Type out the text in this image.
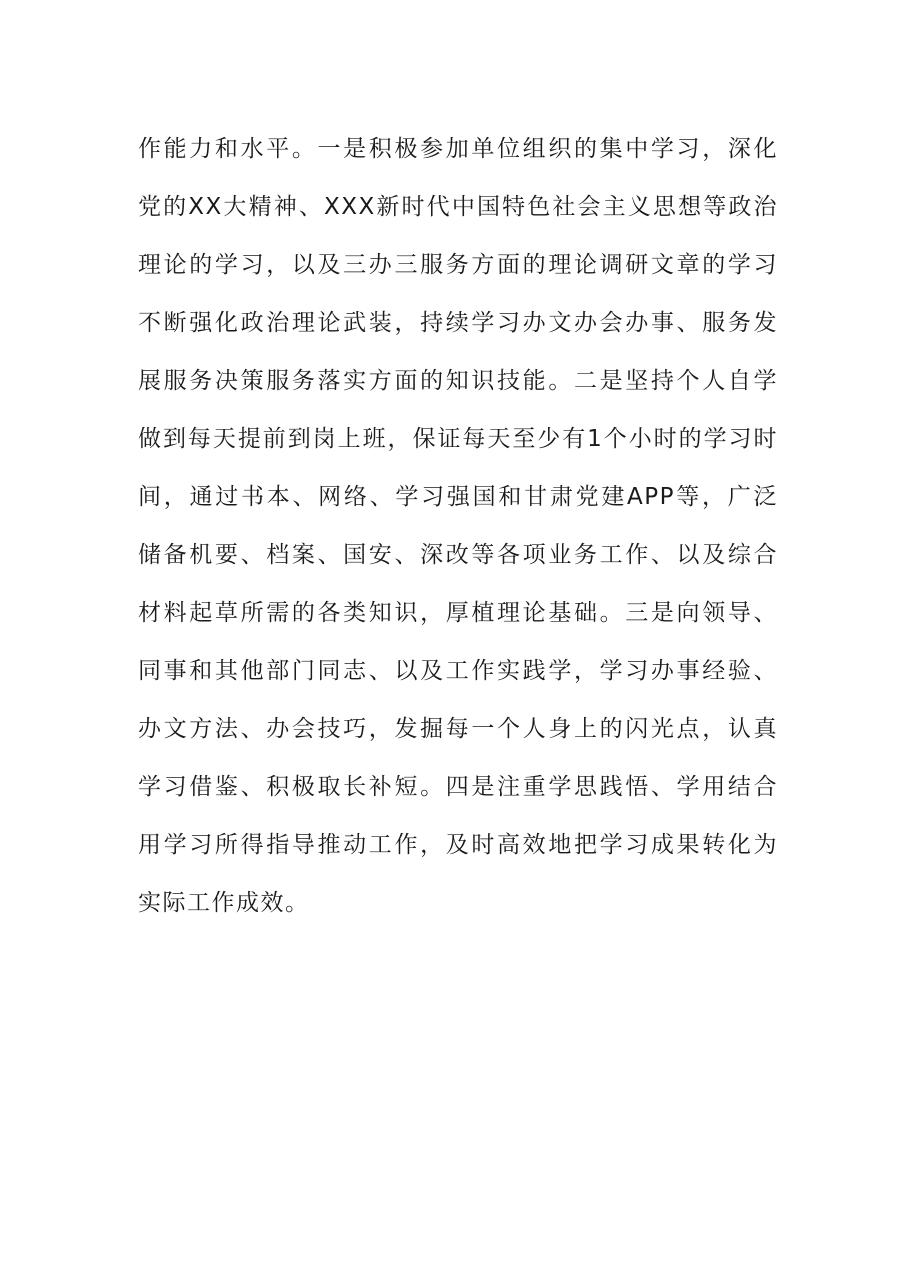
作能力和水平。一是积极参加单位组织的集中学习，深化
党的XX大精神、XXX新时代中国特色社会主义思想等政治
理论的学习，以及三办三服务方面的理论调研文章的学习
不断强化政治理论武装，持续学习办文办会办事、服务发
展服务决策服务落实方面的知识技能。二是坚持个人自学
做到每天提前到岗上班，保证每天至少有1个小时的学习时
间，通过书本、网络、学习强国和甘肃党建APP等，广泛
储备机要、档案、国安、深改等各项业务工作、以及综合
材料起草所需的各类知识，厚植理论基础。三是向领导、
同事和其他部门同志、以及工作实践学，学习办事经验、
办文方法、办会技巧，发掘每一个人身上的闪光点，认真
学习借鉴、积极取长补短。四是注重学思践悟、学用结合
用学习所得指导推动工作，及时高效地把学习成果转化为
实际工作成效。
